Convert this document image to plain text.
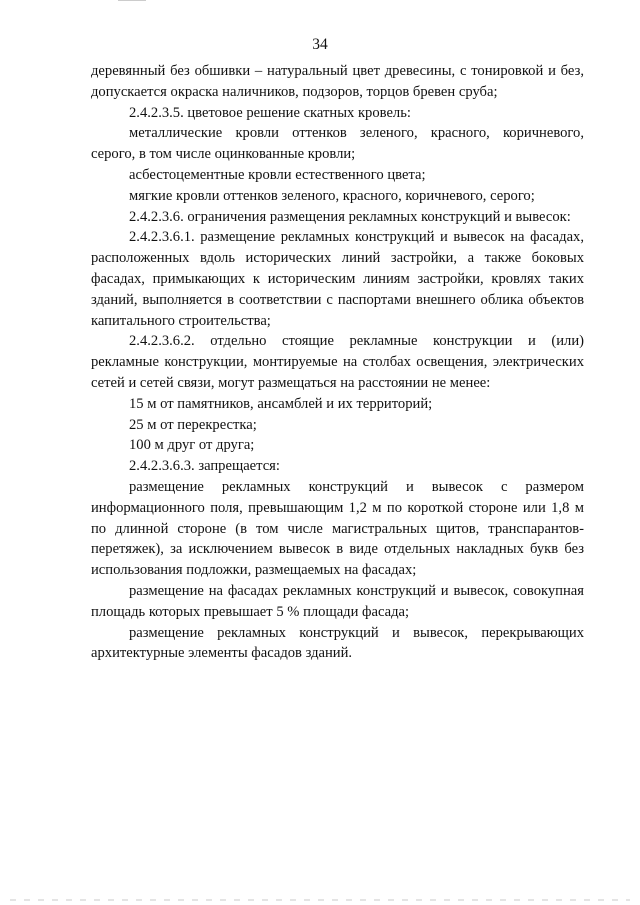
34

деревянный без обшивки – натуральный цвет древесины, с тонировкой и без, допускается окраска наличников, подзоров, торцов бревен сруба;

2.4.2.3.5. цветовое решение скатных кровель:

металлические кровли оттенков зеленого, красного, коричневого, серого, в том числе оцинкованные кровли;

асбестоцементные кровли естественного цвета;

мягкие кровли оттенков зеленого, красного, коричневого, серого;

2.4.2.3.6. ограничения размещения рекламных конструкций и вывесок:

2.4.2.3.6.1. размещение рекламных конструкций и вывесок на фасадах, расположенных вдоль исторических линий застройки, а также боковых фасадах, примыкающих к историческим линиям застройки, кровлях таких зданий, выполняется в соответствии с паспортами внешнего облика объектов капитального строительства;

2.4.2.3.6.2. отдельно стоящие рекламные конструкции и (или) рекламные конструкции, монтируемые на столбах освещения, электрических сетей и сетей связи, могут размещаться на расстоянии не менее:

15 м от памятников, ансамблей и их территорий;

25 м от перекрестка;

100 м друг от друга;

2.4.2.3.6.3. запрещается:

размещение рекламных конструкций и вывесок с размером информационного поля, превышающим 1,2 м по короткой стороне или 1,8 м по длинной стороне (в том числе магистральных щитов, транспарантов-перетяжек), за исключением вывесок в виде отдельных накладных букв без использования подложки, размещаемых на фасадах;

размещение на фасадах рекламных конструкций и вывесок, совокупная площадь которых превышает 5 % площади фасада;

размещение рекламных конструкций и вывесок, перекрывающих архитектурные элементы фасадов зданий.
